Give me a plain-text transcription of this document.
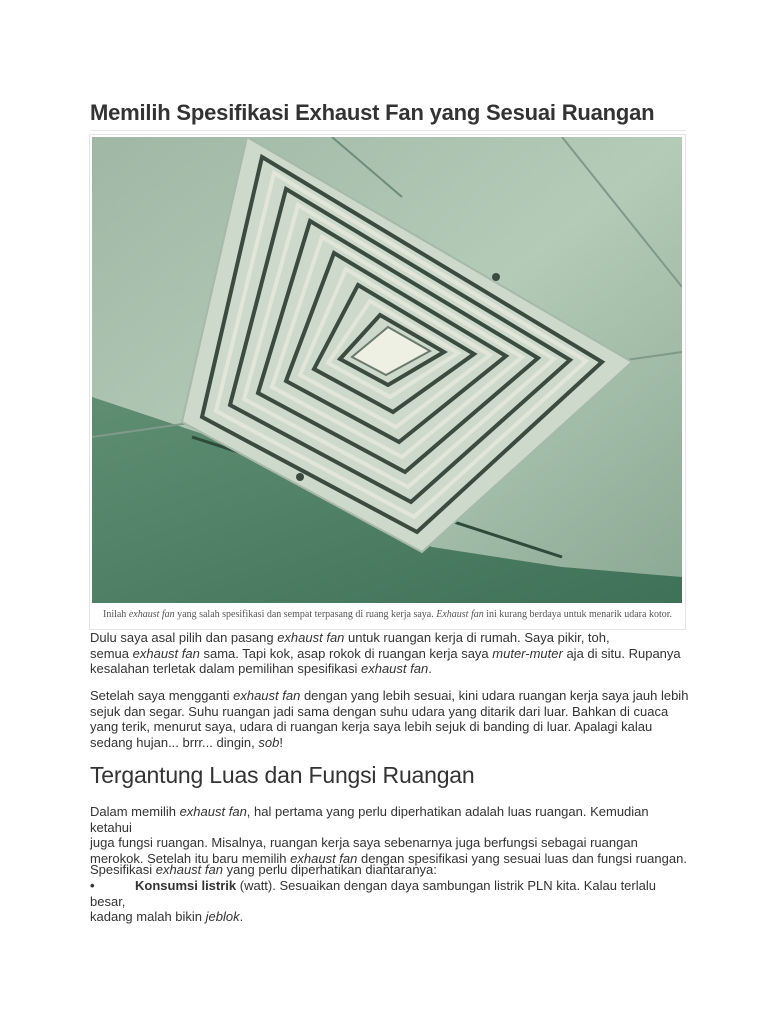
Memilih Spesifikasi Exhaust Fan yang Sesuai Ruangan
Inilah exhaust fan yang salah spesifikasi dan sempat terpasang di ruang kerja saya. Exhaust fan ini kurang berdaya untuk menarik udara kotor.
Dulu saya asal pilih dan pasang exhaust fan untuk ruangan kerja di rumah. Saya pikir, toh,
semua exhaust fan sama. Tapi kok, asap rokok di ruangan kerja saya muter-muter aja di situ. Rupanya
kesalahan terletak dalam pemilihan spesifikasi exhaust fan.
Setelah saya mengganti exhaust fan dengan yang lebih sesuai, kini udara ruangan kerja saya jauh lebih
sejuk dan segar. Suhu ruangan jadi sama dengan suhu udara yang ditarik dari luar. Bahkan di cuaca
yang terik, menurut saya, udara di ruangan kerja saya lebih sejuk di banding di luar. Apalagi kalau
sedang hujan... brrr... dingin, sob!
Tergantung Luas dan Fungsi Ruangan
Dalam memilih exhaust fan, hal pertama yang perlu diperhatikan adalah luas ruangan. Kemudian ketahui
juga fungsi ruangan. Misalnya, ruangan kerja saya sebenarnya juga berfungsi sebagai ruangan
merokok. Setelah itu baru memilih exhaust fan dengan spesifikasi yang sesuai luas dan fungsi ruangan.
Spesifikasi exhaust fan yang perlu diperhatikan diantaranya:
•	Konsumsi listrik (watt). Sesuaikan dengan daya sambungan listrik PLN kita. Kalau terlalu besar,
kadang malah bikin jeblok.
